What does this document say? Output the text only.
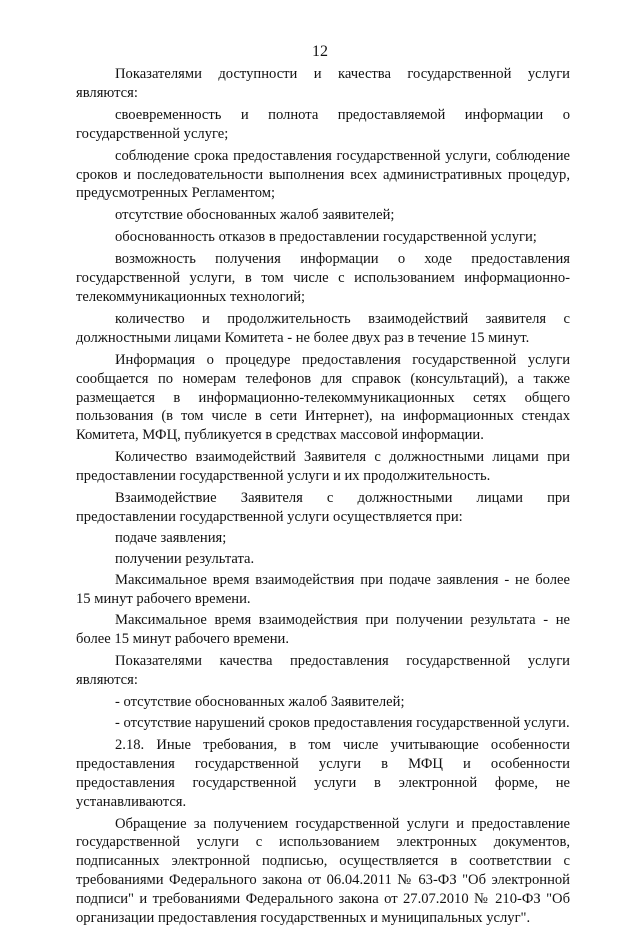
12

Показателями доступности и качества государственной услуги являются:

своевременность и полнота предоставляемой информации о государственной услуге;

соблюдение срока предоставления государственной услуги, соблюдение сроков и последовательности выполнения всех административных процедур, предусмотренных Регламентом;

отсутствие обоснованных жалоб заявителей;

обоснованность отказов в предоставлении государственной услуги;

возможность получения информации о ходе предоставления государственной услуги, в том числе с использованием информационно-телекоммуникационных технологий;

количество и продолжительность взаимодействий заявителя с должностными лицами Комитета - не более двух раз в течение 15 минут.

Информация о процедуре предоставления государственной услуги сообщается по номерам телефонов для справок (консультаций), а также размещается в информационно-телекоммуникационных сетях общего пользования (в том числе в сети Интернет), на информационных стендах Комитета, МФЦ, публикуется в средствах массовой информации.

Количество взаимодействий Заявителя с должностными лицами при предоставлении государственной услуги и их продолжительность.

Взаимодействие Заявителя с должностными лицами при предоставлении государственной услуги осуществляется при:

подаче заявления;

получении результата.

Максимальное время взаимодействия при подаче заявления - не более 15 минут рабочего времени.

Максимальное время взаимодействия при получении результата - не более 15 минут рабочего времени.

Показателями качества предоставления государственной услуги являются:

- отсутствие обоснованных жалоб Заявителей;

- отсутствие нарушений сроков предоставления государственной услуги.

2.18. Иные требования, в том числе учитывающие особенности предоставления государственной услуги в МФЦ и особенности предоставления государственной услуги в электронной форме, не устанавливаются.

Обращение за получением государственной услуги и предоставление государственной услуги с использованием электронных документов, подписанных электронной подписью, осуществляется в соответствии с требованиями Федерального закона от 06.04.2011 № 63-ФЗ "Об электронной подписи" и требованиями Федерального закона от 27.07.2010 № 210-ФЗ "Об организации предоставления государственных и муниципальных услуг".
